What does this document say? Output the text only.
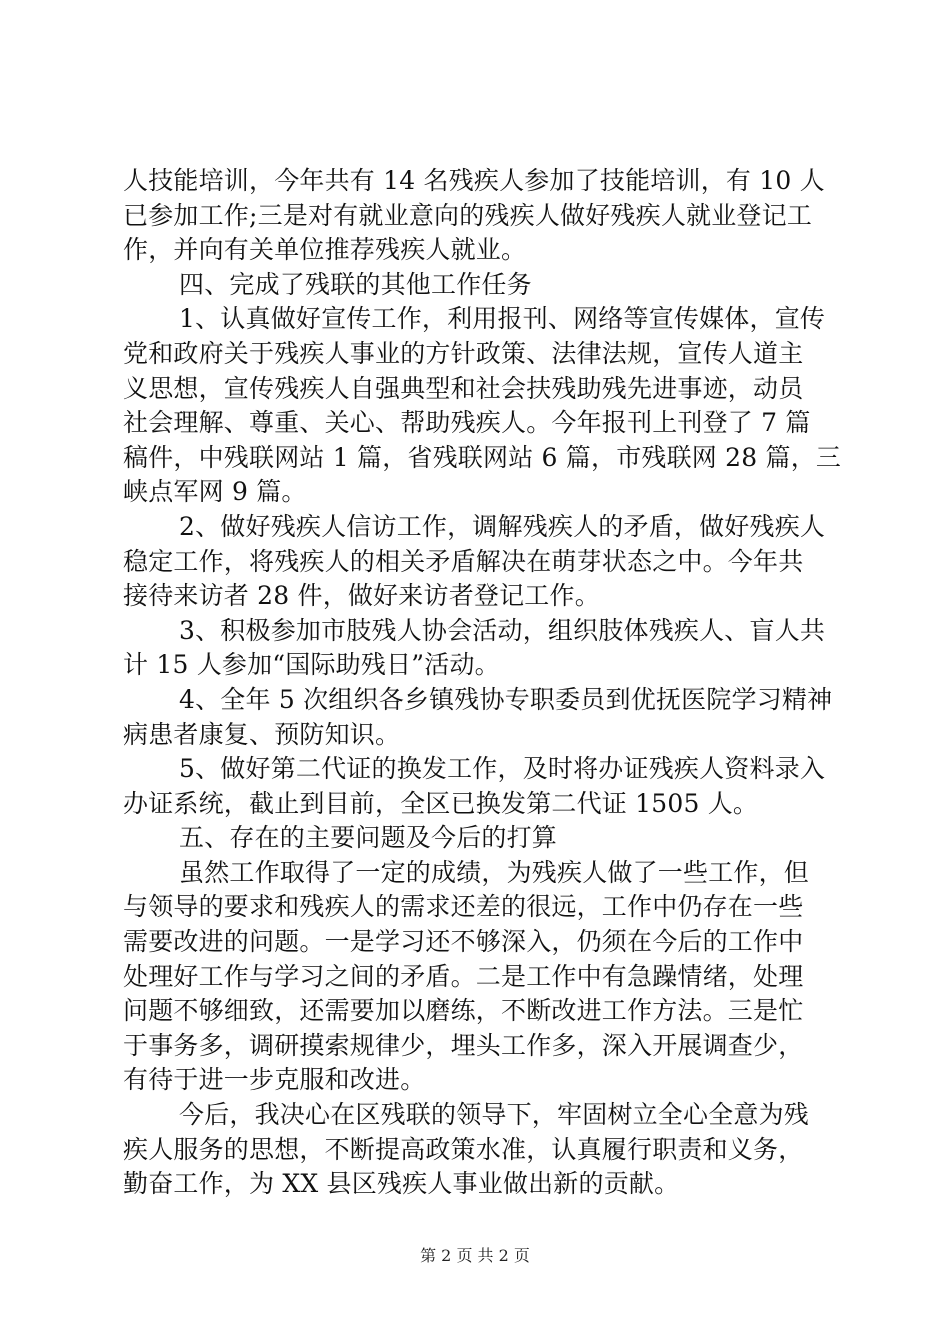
人技能培训，今年共有 14 名残疾人参加了技能培训，有 10 人
已参加工作;三是对有就业意向的残疾人做好残疾人就业登记工
作，并向有关单位推荐残疾人就业。
四、完成了残联的其他工作任务
1、认真做好宣传工作，利用报刊、网络等宣传媒体，宣传
党和政府关于残疾人事业的方针政策、法律法规，宣传人道主
义思想，宣传残疾人自强典型和社会扶残助残先进事迹，动员
社会理解、尊重、关心、帮助残疾人。今年报刊上刊登了 7 篇
稿件，中残联网站 1 篇，省残联网站 6 篇，市残联网 28 篇，三
峡点军网 9 篇。
2、做好残疾人信访工作，调解残疾人的矛盾，做好残疾人
稳定工作，将残疾人的相关矛盾解决在萌芽状态之中。今年共
接待来访者 28 件，做好来访者登记工作。
3、积极参加市肢残人协会活动，组织肢体残疾人、盲人共
计 15 人参加“国际助残日”活动。
4、全年 5 次组织各乡镇残协专职委员到优抚医院学习精神
病患者康复、预防知识。
5、做好第二代证的换发工作，及时将办证残疾人资料录入
办证系统，截止到目前，全区已换发第二代证 1505 人。
五、存在的主要问题及今后的打算
虽然工作取得了一定的成绩，为残疾人做了一些工作，但
与领导的要求和残疾人的需求还差的很远，工作中仍存在一些
需要改进的问题。一是学习还不够深入，仍须在今后的工作中
处理好工作与学习之间的矛盾。二是工作中有急躁情绪，处理
问题不够细致，还需要加以磨练，不断改进工作方法。三是忙
于事务多，调研摸索规律少，埋头工作多，深入开展调查少，
有待于进一步克服和改进。
今后，我决心在区残联的领导下，牢固树立全心全意为残
疾人服务的思想，不断提高政策水准，认真履行职责和义务，
勤奋工作，为 XX 县区残疾人事业做出新的贡献。
第 2 页 共 2 页
